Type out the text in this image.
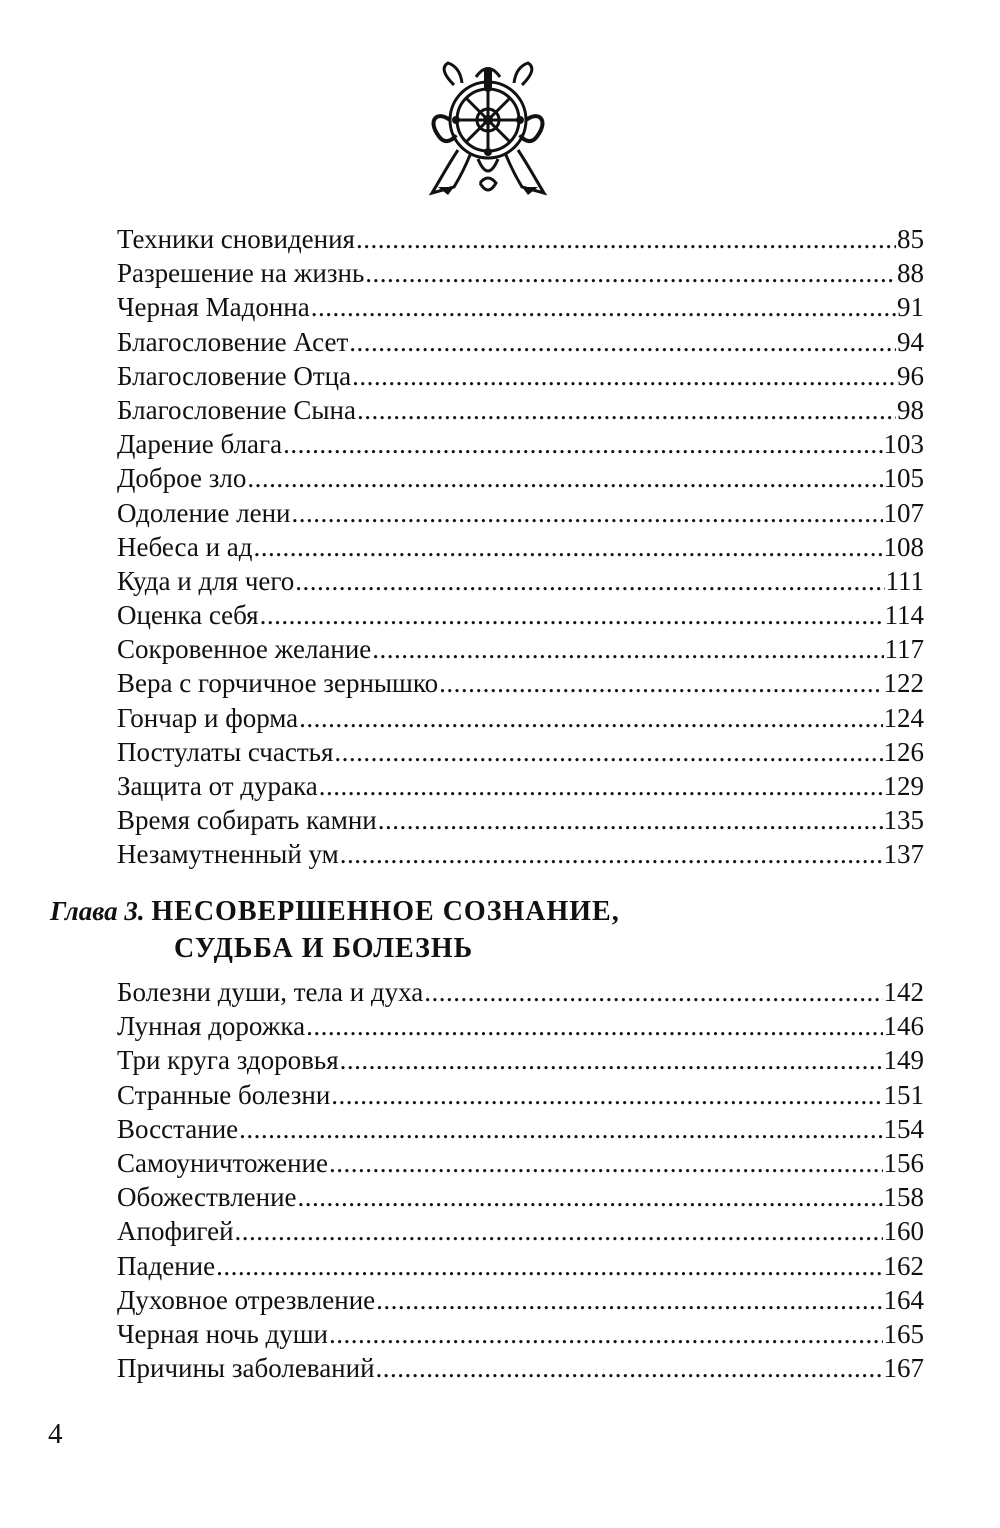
Техники сновидения .....	85
Разрешение на жизнь .....	88
Черная Мадонна .....	91
Благословение Асет .....	94
Благословение Отца .....	96
Благословение Сына .....	98
Дарение блага .....	103
Доброе зло .....	105
Одоление лени .....	107
Небеса и ад .....	108
Куда и для чего .....	111
Оценка себя .....	114
Сокровенное желание .....	117
Вера с горчичное зернышко .....	122
Гончар и форма .....	124
Постулаты счастья .....	126
Защита от дурака .....	129
Время собирать камни .....	135
Незамутненный ум .....	137
Глава 3. НЕСОВЕРШЕННОЕ СОЗНАНИЕ,
СУДЬБА И БОЛЕЗНЬ
Болезни души, тела и духа .....	142
Лунная дорожка .....	146
Три круга здоровья .....	149
Странные болезни .....	151
Восстание .....	154
Самоуничтожение .....	156
Обожествление .....	158
Апофигей .....	160
Падение .....	162
Духовное отрезвление .....	164
Черная ночь души .....	165
Причины заболеваний .....	167
4
